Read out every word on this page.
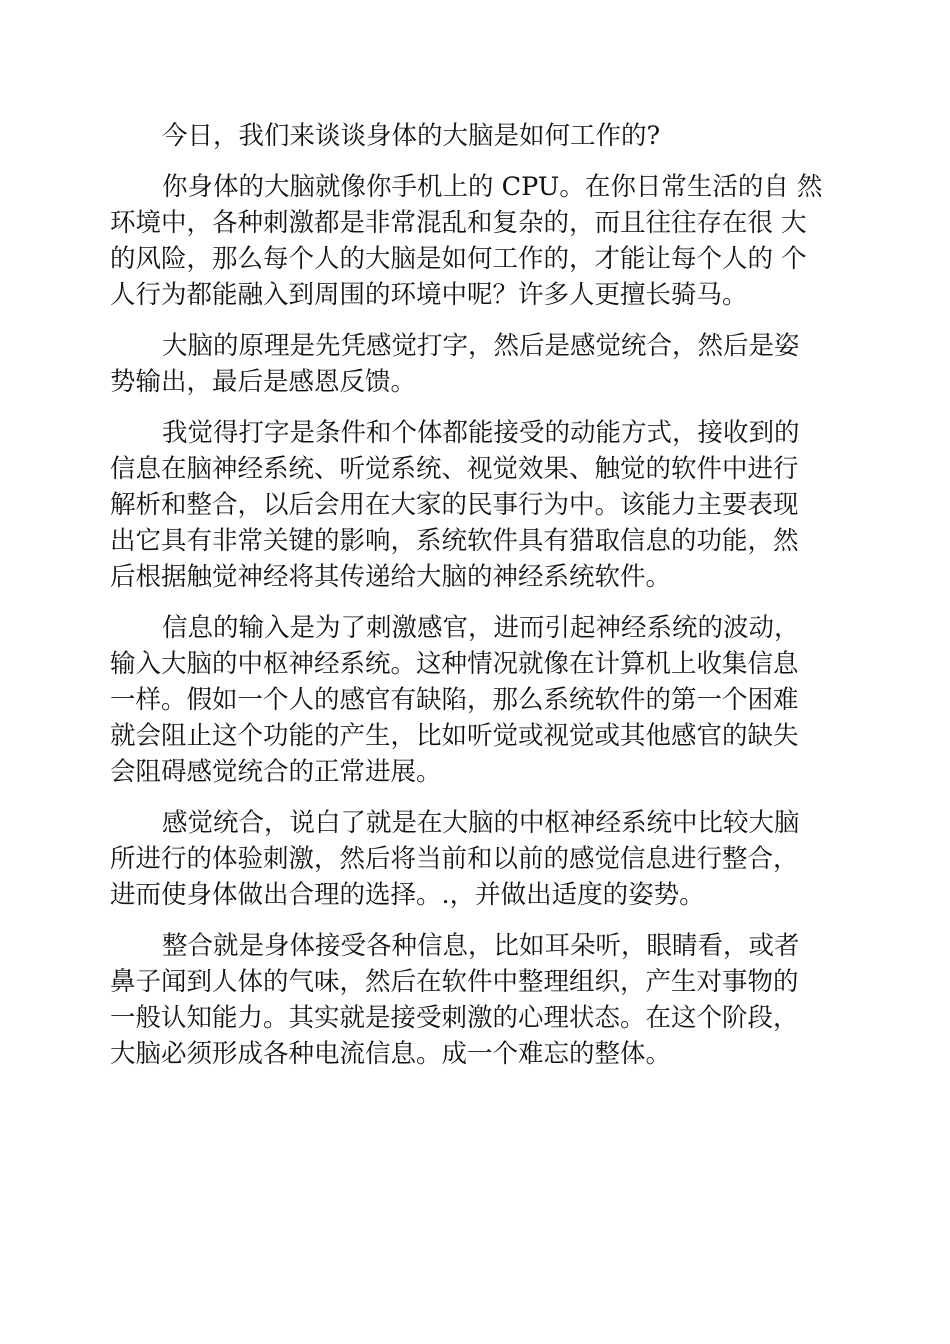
今日，我们来谈谈身体的大脑是如何工作的?

你身体的大脑就像你手机上的 CPU。在你日常生活的自 然
环境中，各种刺激都是非常混乱和复杂的，而且往往存在很 大
的风险，那么每个人的大脑是如何工作的，才能让每个人的 个
人行为都能融入到周围的环境中呢？许多人更擅长骑马。

大脑的原理是先凭感觉打字，然后是感觉统合，然后是姿
势输出，最后是感恩反馈。

我觉得打字是条件和个体都能接受的动能方式，接收到的
信息在脑神经系统、听觉系统、视觉效果、触觉的软件中进行
解析和整合，以后会用在大家的民事行为中。该能力主要表现
出它具有非常关键的影响，系统软件具有猎取信息的功能，然
后根据触觉神经将其传递给大脑的神经系统软件。

信息的输入是为了刺激感官，进而引起神经系统的波动，
输入大脑的中枢神经系统。这种情况就像在计算机上收集信息
一样。假如一个人的感官有缺陷，那么系统软件的第一个困难
就会阻止这个功能的产生，比如听觉或视觉或其他感官的缺失
会阻碍感觉统合的正常进展。

感觉统合，说白了就是在大脑的中枢神经系统中比较大脑
所进行的体验刺激，然后将当前和以前的感觉信息进行整合，
进而使身体做出合理的选择。.，并做出适度的姿势。

整合就是身体接受各种信息，比如耳朵听，眼睛看，或者
鼻子闻到人体的气味，然后在软件中整理组织，产生对事物的
一般认知能力。其实就是接受刺激的心理状态。在这个阶段，
大脑必须形成各种电流信息。成一个难忘的整体。
